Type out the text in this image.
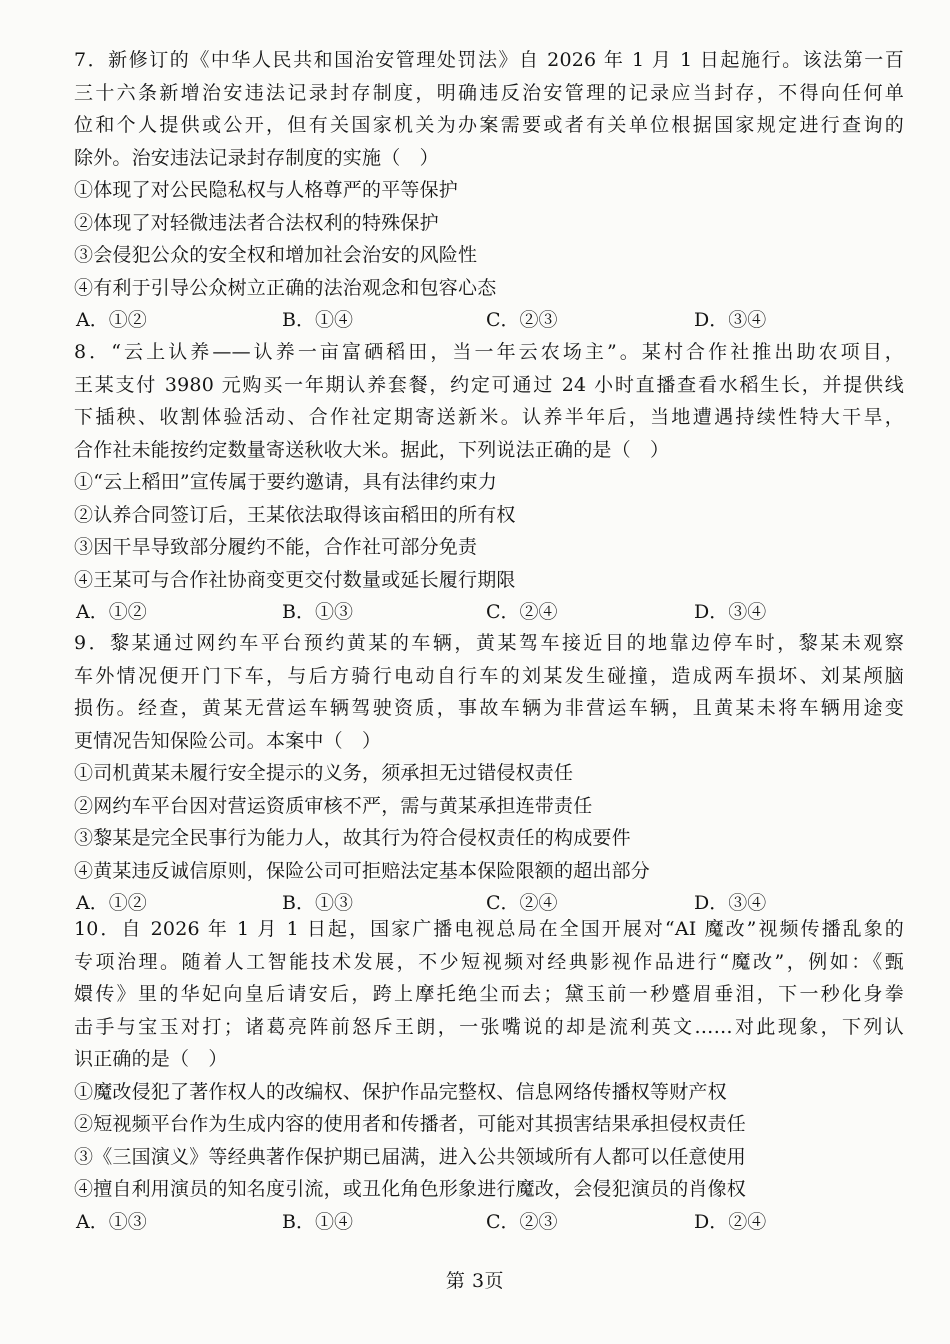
7．新修订的《中华人民共和国治安管理处罚法》自 2026 年 1 月 1 日起施行。该法第一百
三十六条新增治安违法记录封存制度，明确违反治安管理的记录应当封存，不得向任何单
位和个人提供或公开，但有关国家机关为办案需要或者有关单位根据国家规定进行查询的
除外。治安违法记录封存制度的实施（　）
①体现了对公民隐私权与人格尊严的平等保护
②体现了对轻微违法者合法权利的特殊保护
③会侵犯公众的安全权和增加社会治安的风险性
④有利于引导公众树立正确的法治观念和包容心态
A．①②	B．①④	C．②③	D．③④
8．“云上认养——认养一亩富硒稻田，当一年云农场主”。某村合作社推出助农项目，
王某支付 3980 元购买一年期认养套餐，约定可通过 24 小时直播查看水稻生长，并提供线
下插秧、收割体验活动、合作社定期寄送新米。认养半年后，当地遭遇持续性特大干旱，
合作社未能按约定数量寄送秋收大米。据此，下列说法正确的是（　）
①“云上稻田”宣传属于要约邀请，具有法律约束力
②认养合同签订后，王某依法取得该亩稻田的所有权
③因干旱导致部分履约不能，合作社可部分免责
④王某可与合作社协商变更交付数量或延长履行期限
A．①②	B．①③	C．②④	D．③④
9．黎某通过网约车平台预约黄某的车辆，黄某驾车接近目的地靠边停车时，黎某未观察
车外情况便开门下车，与后方骑行电动自行车的刘某发生碰撞，造成两车损坏、刘某颅脑
损伤。经查，黄某无营运车辆驾驶资质，事故车辆为非营运车辆，且黄某未将车辆用途变
更情况告知保险公司。本案中（　）
①司机黄某未履行安全提示的义务，须承担无过错侵权责任
②网约车平台因对营运资质审核不严，需与黄某承担连带责任
③黎某是完全民事行为能力人，故其行为符合侵权责任的构成要件
④黄某违反诚信原则，保险公司可拒赔法定基本保险限额的超出部分
A．①②	B．①③	C．②④	D．③④
10．自 2026 年 1 月 1 日起，国家广播电视总局在全国开展对“AI 魔改”视频传播乱象的
专项治理。随着人工智能技术发展，不少短视频对经典影视作品进行“魔改”，例如：《甄
嬛传》里的华妃向皇后请安后，跨上摩托绝尘而去；黛玉前一秒蹙眉垂泪，下一秒化身拳
击手与宝玉对打；诸葛亮阵前怒斥王朗，一张嘴说的却是流利英文……对此现象，下列认
识正确的是（　）
①魔改侵犯了著作权人的改编权、保护作品完整权、信息网络传播权等财产权
②短视频平台作为生成内容的使用者和传播者，可能对其损害结果承担侵权责任
③《三国演义》等经典著作保护期已届满，进入公共领域所有人都可以任意使用
④擅自利用演员的知名度引流，或丑化角色形象进行魔改，会侵犯演员的肖像权
A．①③	B．①④	C．②③	D．②④
第 3页
